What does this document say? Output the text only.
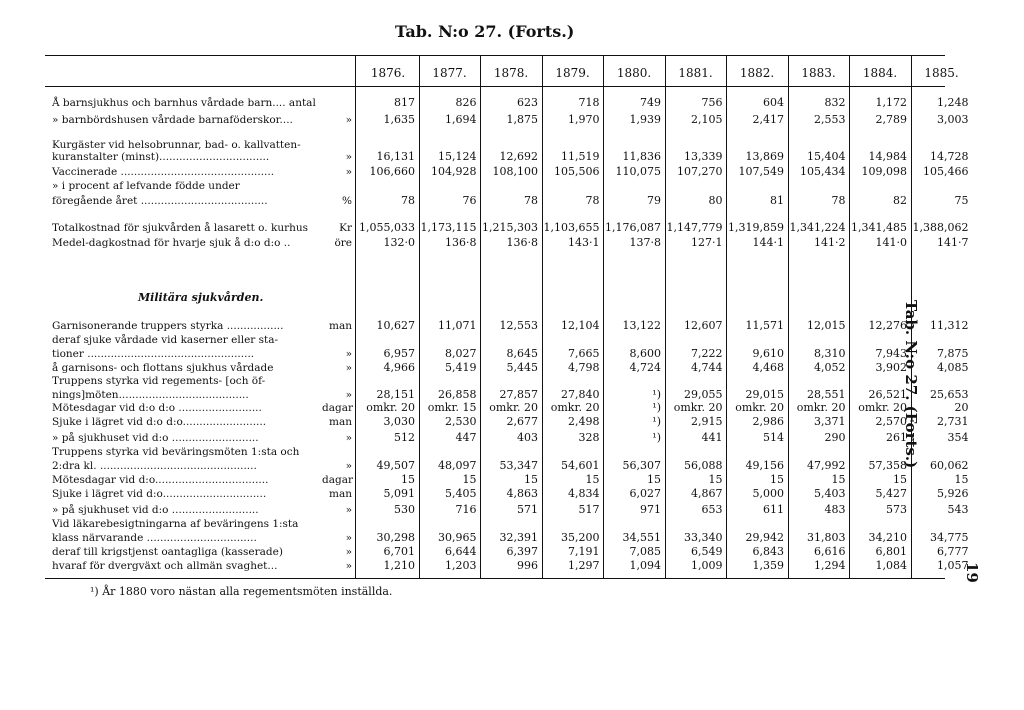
Tab. N:o 27. (Forts.)
Tab. N:o 27. (Forts.)
19
1876.	1877.	1878.	1879.	1880.	1881.	1882.	1883.	1884.	1885.
Å barnsjukhus och barnhus vårdade barn.... antal	817	826	623	718	749	756	604	832	1,172	1,248
» barnbördshusen vårdade barnaföderskor....	»	1,635	1,694	1,875	1,970	1,939	2,105	2,417	2,553	2,789	3,003
Kurgäster vid helsobrunnar, bad- o. kallvatten-
kuranstalter (minst).................................	»	16,131	15,124	12,692	11,519	11,836	13,339	13,869	15,404	14,984	14,728
Vaccinerade ..............................................	»	106,660	104,928	108,100	105,506	110,075	107,270	107,549	105,434	109,098	105,466
» i procent af lefvande födde under
föregående året ......................................	%	78	76	78	78	79	80	81	78	82	75
Totalkostnad för sjukvården å lasarett o. kurhus	Kr 1,055,033 1,173,115 1,215,303 1,103,655 1,176,087 1,147,779 1,319,859 1,341,224 1,341,485 1,388,062
Medel-dagkostnad för hvarje sjuk å d:o d:o ..	öre	132·0	136·8	136·8	143·1	137·8	127·1	144·1	141·2	141·0	141·7
Garnisonerande truppers styrka .................	man	10,627	11,071	12,553	12,104	13,122	12,607	11,571	12,015	12,276	11,312
deraf sjuke vårdade vid kaserner eller sta-
tioner ..................................................	»	6,957	8,027	8,645	7,665	8,600	7,222	9,610	8,310	7,943	7,875
å garnisons- och flottans sjukhus vårdade	»	4,966	5,419	5,445	4,798	4,724	4,744	4,468	4,052	3,902	4,085
Truppens styrka vid regements- [och öf-
nings]möten.......................................	»	28,151	26,858	27,857	27,840	¹)	29,055	29,015	28,551	26,521	25,653
Mötesdagar vid d:o d:o .........................	dagar	omkr. 20	omkr. 15	omkr. 20	omkr. 20	¹)	omkr. 20	omkr. 20	omkr. 20	omkr. 20	20
Sjuke i lägret vid d:o d:o.........................	man	3,030	2,530	2,677	2,498	¹)	2,915	2,986	3,371	2,570	2,731
» på sjukhuset vid d:o ..........................	»	512	447	403	328	¹)	441	514	290	261	354
Truppens styrka vid beväringsmöten 1:sta och
2:dra kl. ...............................................	»	49,507	48,097	53,347	54,601	56,307	56,088	49,156	47,992	57,358	60,062
Mötesdagar vid d:o..................................	dagar	15	15	15	15	15	15	15	15	15	15
Sjuke i lägret vid d:o...............................	man	5,091	5,405	4,863	4,834	6,027	4,867	5,000	5,403	5,427	5,926
» på sjukhuset vid d:o ..........................	»	530	716	571	517	971	653	611	483	573	543
Vid läkarebesigtningarna af beväringens 1:sta
klass närvarande .................................	»	30,298	30,965	32,391	35,200	34,551	33,340	29,942	31,803	34,210	34,775
deraf till krigstjenst oantagliga (kasserade)	»	6,701	6,644	6,397	7,191	7,085	6,549	6,843	6,616	6,801	6,777
hvaraf för dvergväxt och allmän svaghet...	»	1,210	1,203	996	1,297	1,094	1,009	1,359	1,294	1,084	1,057
Militära sjukvården.
¹) År 1880 voro nästan alla regementsmöten inställda.
